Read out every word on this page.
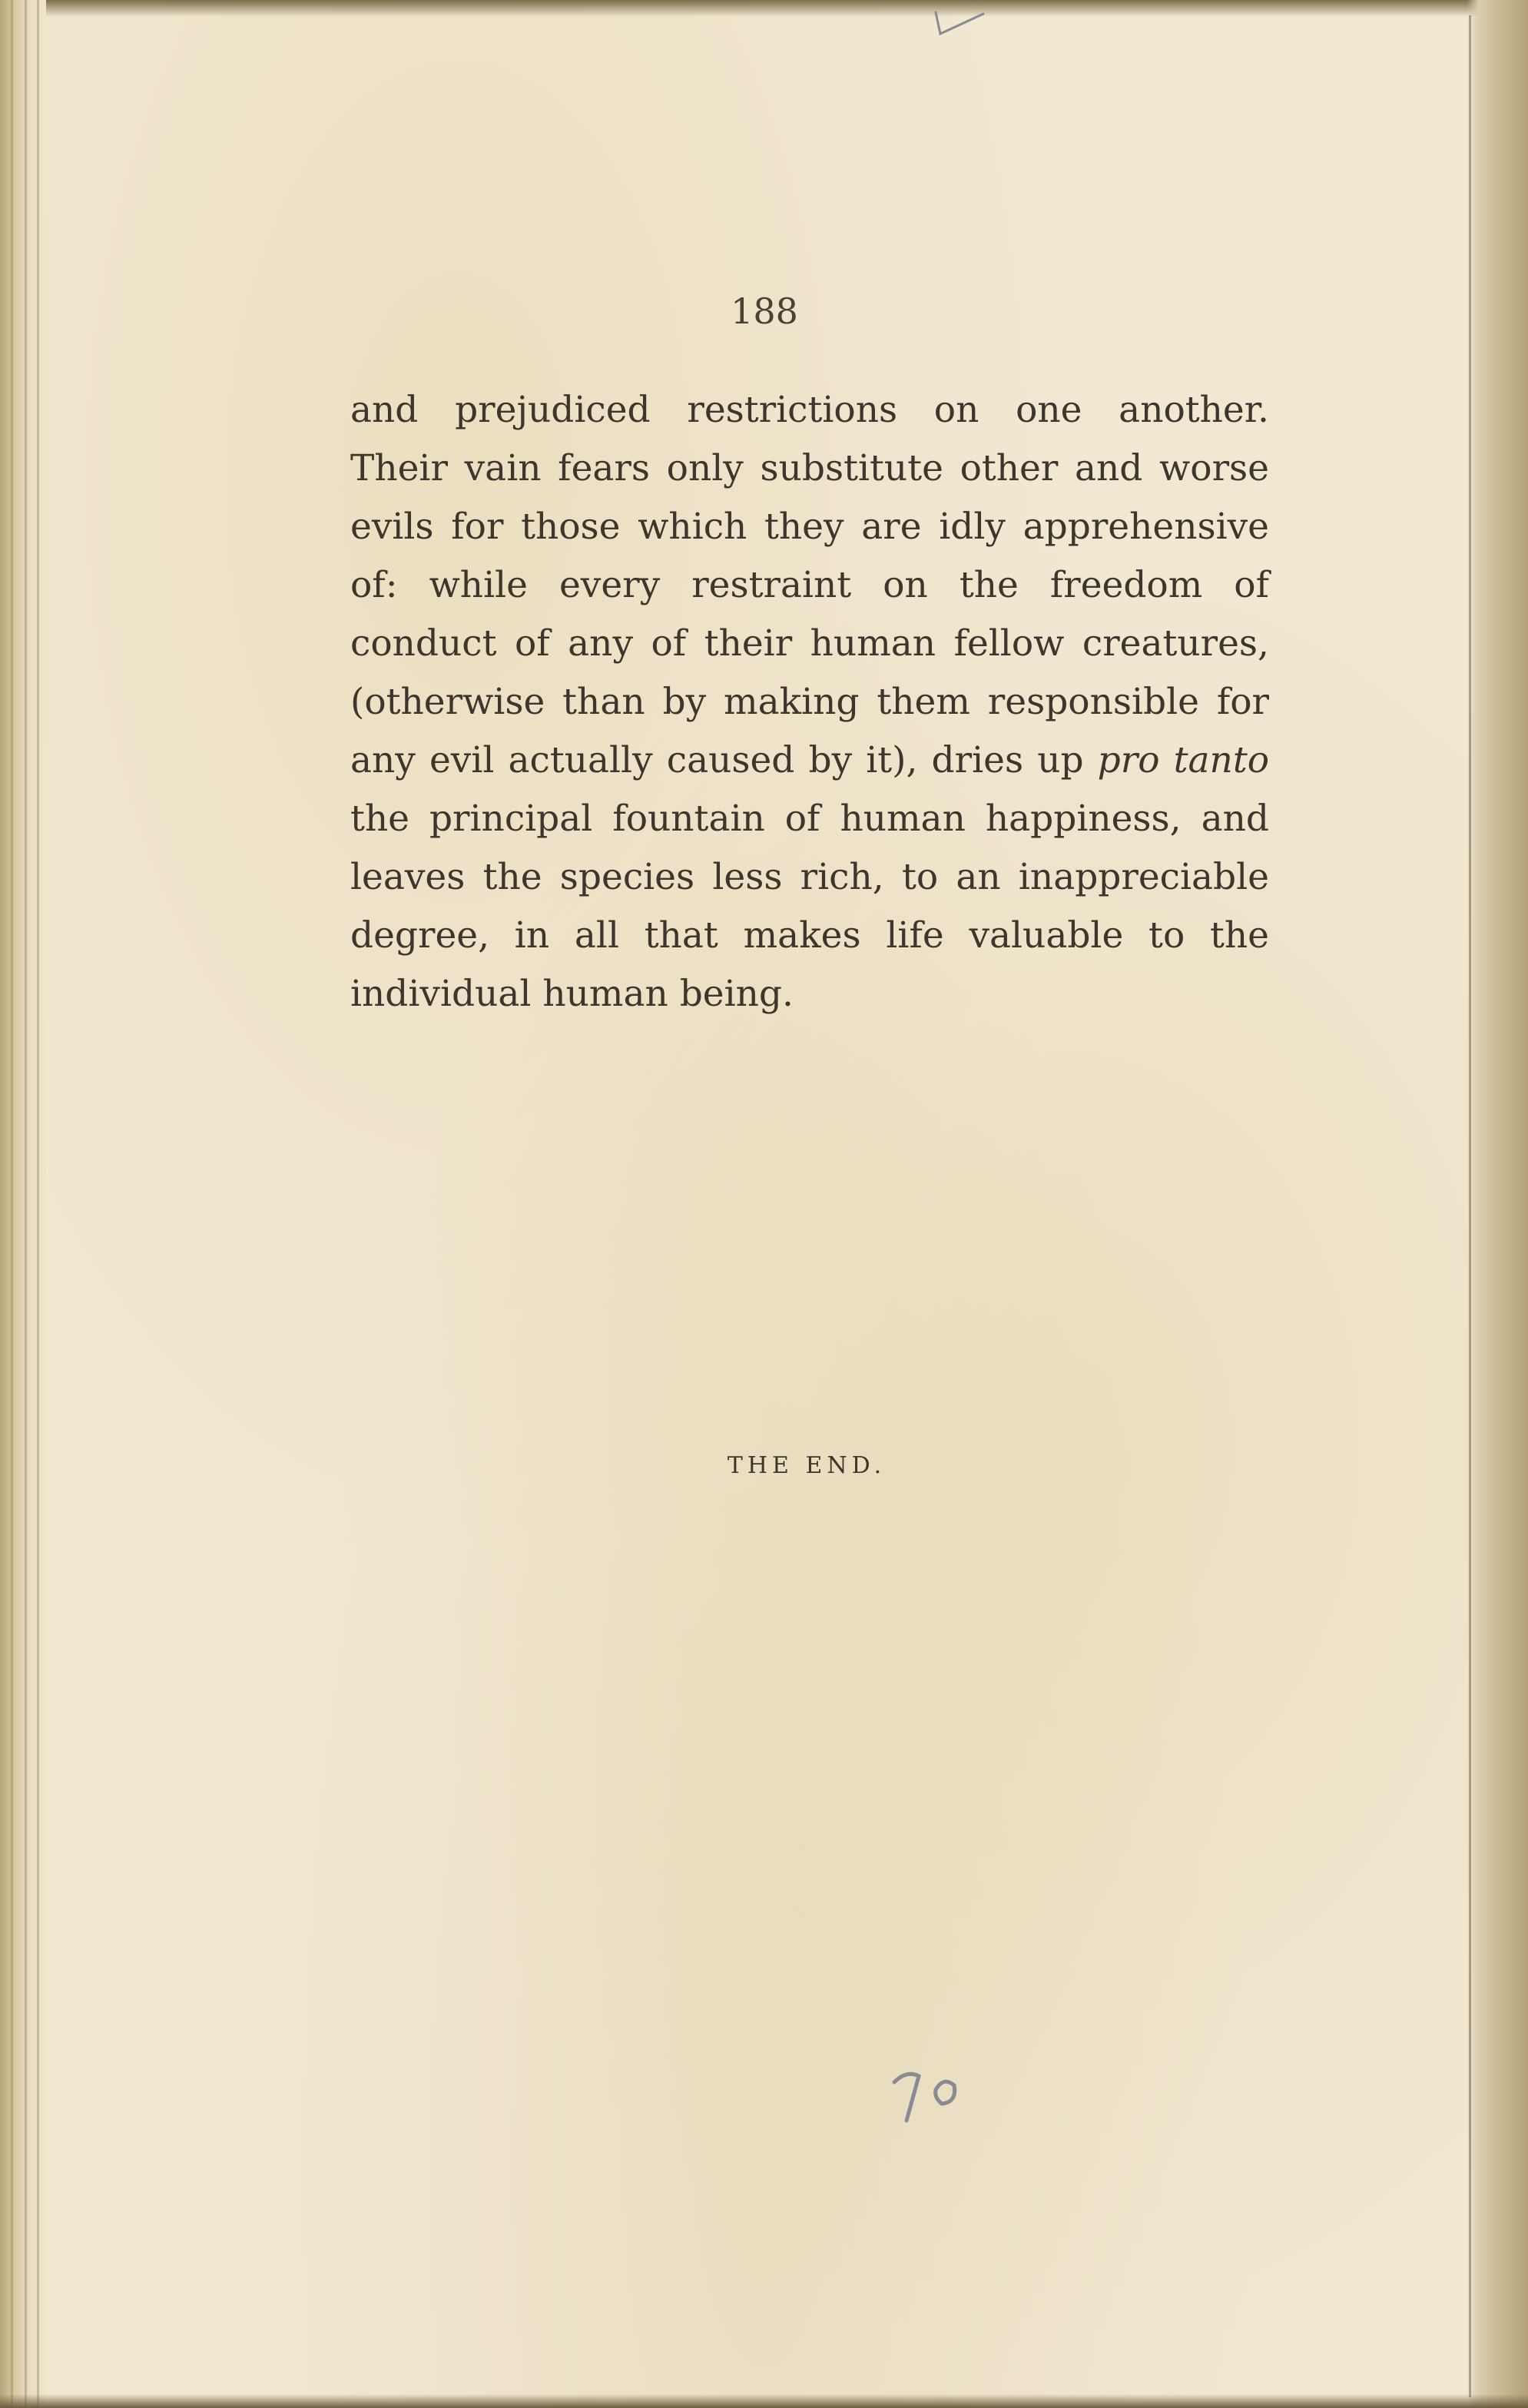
188
and prejudiced restrictions on one another.
Their vain fears only substitute other and worse
evils for those which they are idly apprehensive
of: while every restraint on the freedom of
conduct of any of their human fellow creatures,
(otherwise than by making them responsible for
any evil actually caused by it), dries up pro tanto
the principal fountain of human happiness, and
leaves the species less rich, to an inappreciable
degree, in all that makes life valuable to the
individual human being.
THE END.
